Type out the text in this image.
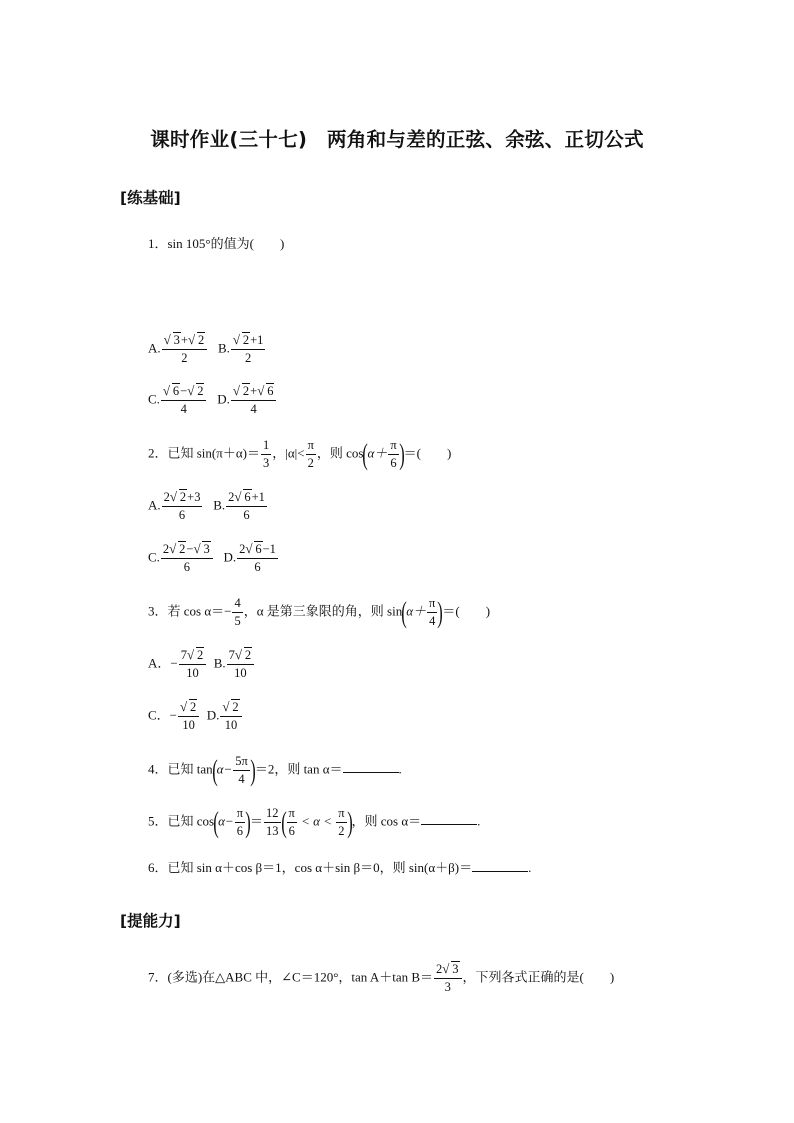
课时作业(三十七)　两角和与差的正弦、余弦、正切公式
[练基础]
1．sin 105°的值为(　　)
A. √ $\frac{3+ √ 2}{2} B$. √ $\frac{2+1}{2}$
C. √ $\frac{6- √ 2}{4} D$. √ $\frac{2+ √ 6}{4}$
2．已知 $\sin(\pi+\alpha)= \frac{1}{3}$ ，$|\alpha|< \frac{\pi}{2}$ ，则 $\cos(\alpha+ \frac{\pi}{6}$ )＝(　　)
A. $\frac{2 √ 2+3}{6} B$. $\frac{2 √ 6+1}{6}$
C. $\frac{2 √ 2- √ 3}{6} D$. $\frac{2 √ 6-1}{6}$
3．若 $\cos \alpha=- \frac{4}{5}$ ，α 是第三象限的角，则 $\sin(\alpha+ \frac{\pi}{4}$ )＝(　　)
A．− $\frac{7 √ 2}{10} B$. $\frac{7 √ 2}{10}$
C．− √ $\frac{2}{10} D$. √ $\frac{2}{10}$
4．已知 $\tan(\alpha- \frac{5\pi}{4} )=2$，则 tan α＝	.
5．已知 $\cos(\alpha- \frac{\pi}{6}$ )＝ $\frac{12}{13}$ ( $\frac{\pi}{6} < \alpha < \frac{\pi}{2}$ )，则 cos α＝	.
6．已知 sin α＋cos β＝1，cos α＋sin β＝0，则 sin(α＋β)＝	.
[提能力]
7．(多选)在△ABC 中，∠C＝120°，tan A＋tan $B= \frac{2 √ 3}{3}$ ，下列各式正确的是(　　)
